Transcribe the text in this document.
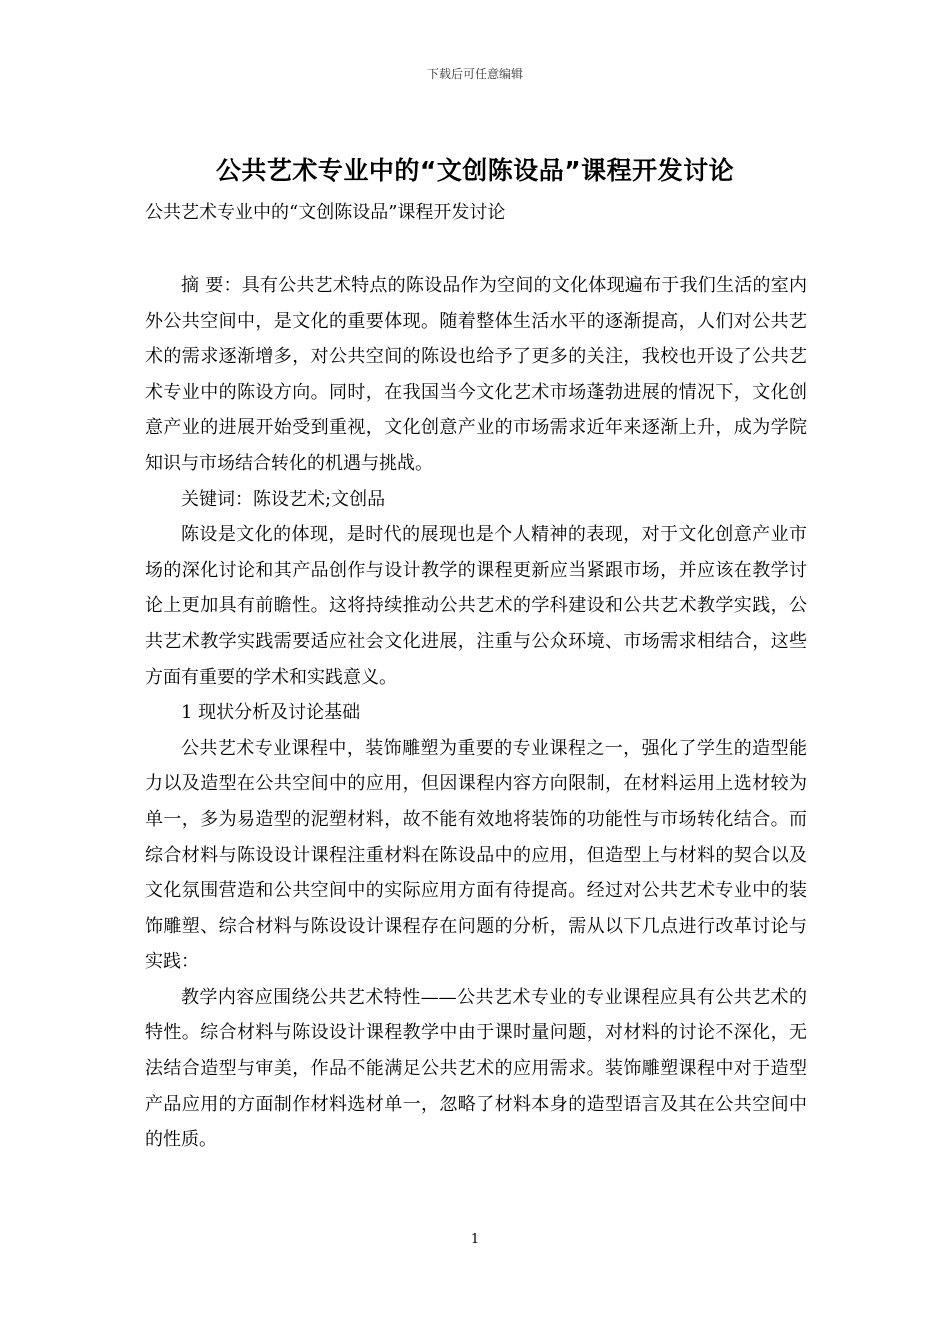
下载后可任意编辑
公共艺术专业中的“文创陈设品”课程开发讨论
公共艺术专业中的“文创陈设品”课程开发讨论

摘 要：具有公共艺术特点的陈设品作为空间的文化体现遍布于我们生活的室内外公共空间中，是文化的重要体现。随着整体生活水平的逐渐提高，人们对公共艺术的需求逐渐增多，对公共空间的陈设也给予了更多的关注，我校也开设了公共艺术专业中的陈设方向。同时，在我国当今文化艺术市场蓬勃进展的情况下，文化创意产业的进展开始受到重视，文化创意产业的市场需求近年来逐渐上升，成为学院知识与市场结合转化的机遇与挑战。

关键词：陈设艺术;文创品

陈设是文化的体现，是时代的展现也是个人精神的表现，对于文化创意产业市场的深化讨论和其产品创作与设计教学的课程更新应当紧跟市场，并应该在教学讨论上更加具有前瞻性。这将持续推动公共艺术的学科建设和公共艺术教学实践，公共艺术教学实践需要适应社会文化进展，注重与公众环境、市场需求相结合，这些方面有重要的学术和实践意义。

1 现状分析及讨论基础

公共艺术专业课程中，装饰雕塑为重要的专业课程之一，强化了学生的造型能力以及造型在公共空间中的应用，但因课程内容方向限制，在材料运用上选材较为单一，多为易造型的泥塑材料，故不能有效地将装饰的功能性与市场转化结合。而综合材料与陈设设计课程注重材料在陈设品中的应用，但造型上与材料的契合以及文化氛围营造和公共空间中的实际应用方面有待提高。经过对公共艺术专业中的装饰雕塑、综合材料与陈设设计课程存在问题的分析，需从以下几点进行改革讨论与实践：

教学内容应围绕公共艺术特性——公共艺术专业的专业课程应具有公共艺术的特性。综合材料与陈设设计课程教学中由于课时量问题，对材料的讨论不深化，无法结合造型与审美，作品不能满足公共艺术的应用需求。装饰雕塑课程中对于造型产品应用的方面制作材料选材单一，忽略了材料本身的造型语言及其在公共空间中的性质。

1
